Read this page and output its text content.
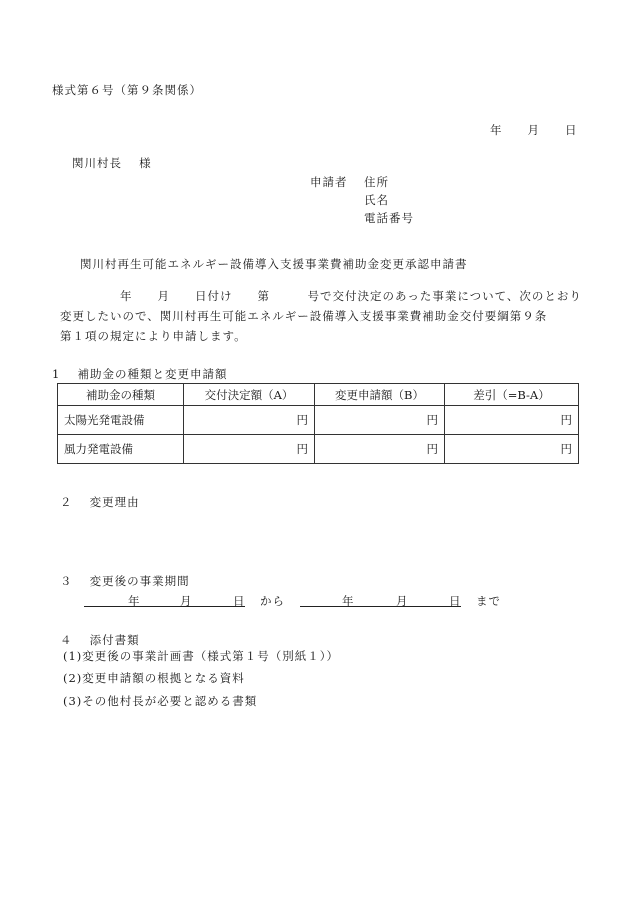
様式第６号（第９条関係）
年　　月　　日
関川村長　 様
申請者 住所
氏名
電話番号
関川村再生可能エネルギー設備導入支援事業費補助金変更承認申請書
年　　月　　日付け　　第　　　号で交付決定のあった事業について、次のとおり
変更したいので、関川村再生可能エネルギー設備導入支援事業費補助金交付要綱第９条
第１項の規定により申請します。
1　 補助金の種類と変更申請額
補助金の種類	交付決定額（A）	変更申請額（B）	差引（=B-A）
太陽光発電設備	円	円	円
風力発電設備	円	円	円
２　 変更理由
３　 変更後の事業期間
年	月	日 から	年	月	日 まで
４　 添付書類
(1)変更後の事業計画書（様式第１号（別紙１））
(2)変更申請額の根拠となる資料
(3)その他村長が必要と認める書類
